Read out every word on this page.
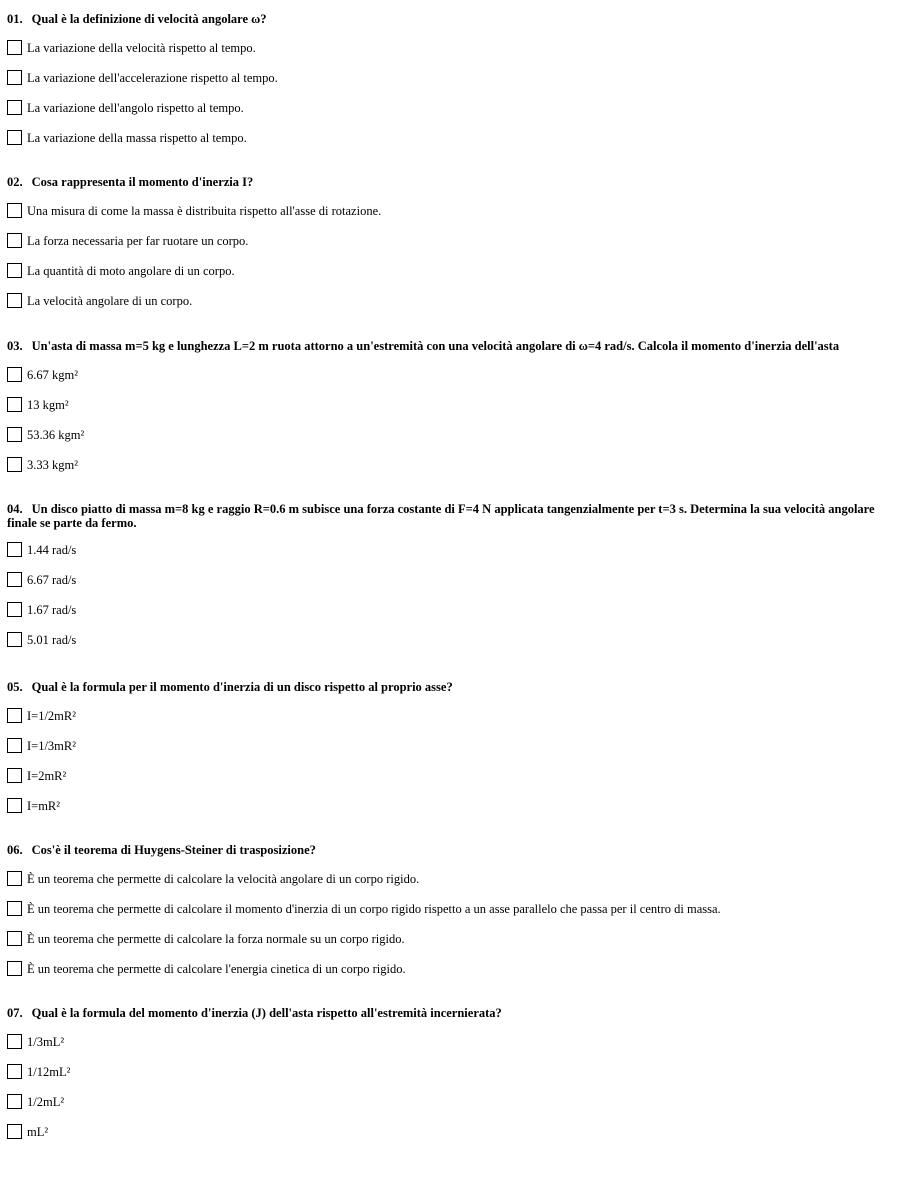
01. Qual è la definizione di velocità angolare ω?
La variazione della velocità rispetto al tempo.
La variazione dell'accelerazione rispetto al tempo.
La variazione dell'angolo rispetto al tempo.
La variazione della massa rispetto al tempo.
02. Cosa rappresenta il momento d'inerzia I?
Una misura di come la massa è distribuita rispetto all'asse di rotazione.
La forza necessaria per far ruotare un corpo.
La quantità di moto angolare di un corpo.
La velocità angolare di un corpo.
03. Un'asta di massa m=5 kg e lunghezza L=2 m ruota attorno a un'estremità con una velocità angolare di ω=4 rad/s. Calcola il momento d'inerzia dell'asta
6.67 kgm²
13 kgm²
53.36 kgm²
3.33 kgm²
04. Un disco piatto di massa m=8 kg e raggio R=0.6 m subisce una forza costante di F=4 N applicata tangenzialmente per t=3 s. Determina la sua velocità angolare finale se parte da fermo.
1.44 rad/s
6.67 rad/s
1.67 rad/s
5.01 rad/s
05. Qual è la formula per il momento d'inerzia di un disco rispetto al proprio asse?
I=1/2mR²
I=1/3mR²
I=2mR²
I=mR²
06. Cos'è il teorema di Huygens-Steiner di trasposizione?
È un teorema che permette di calcolare la velocità angolare di un corpo rigido.
È un teorema che permette di calcolare il momento d'inerzia di un corpo rigido rispetto a un asse parallelo che passa per il centro di massa.
È un teorema che permette di calcolare la forza normale su un corpo rigido.
È un teorema che permette di calcolare l'energia cinetica di un corpo rigido.
07. Qual è la formula del momento d'inerzia (J) dell'asta rispetto all'estremità incernierata?
1/3mL²
1/12mL²
1/2mL²
mL²
